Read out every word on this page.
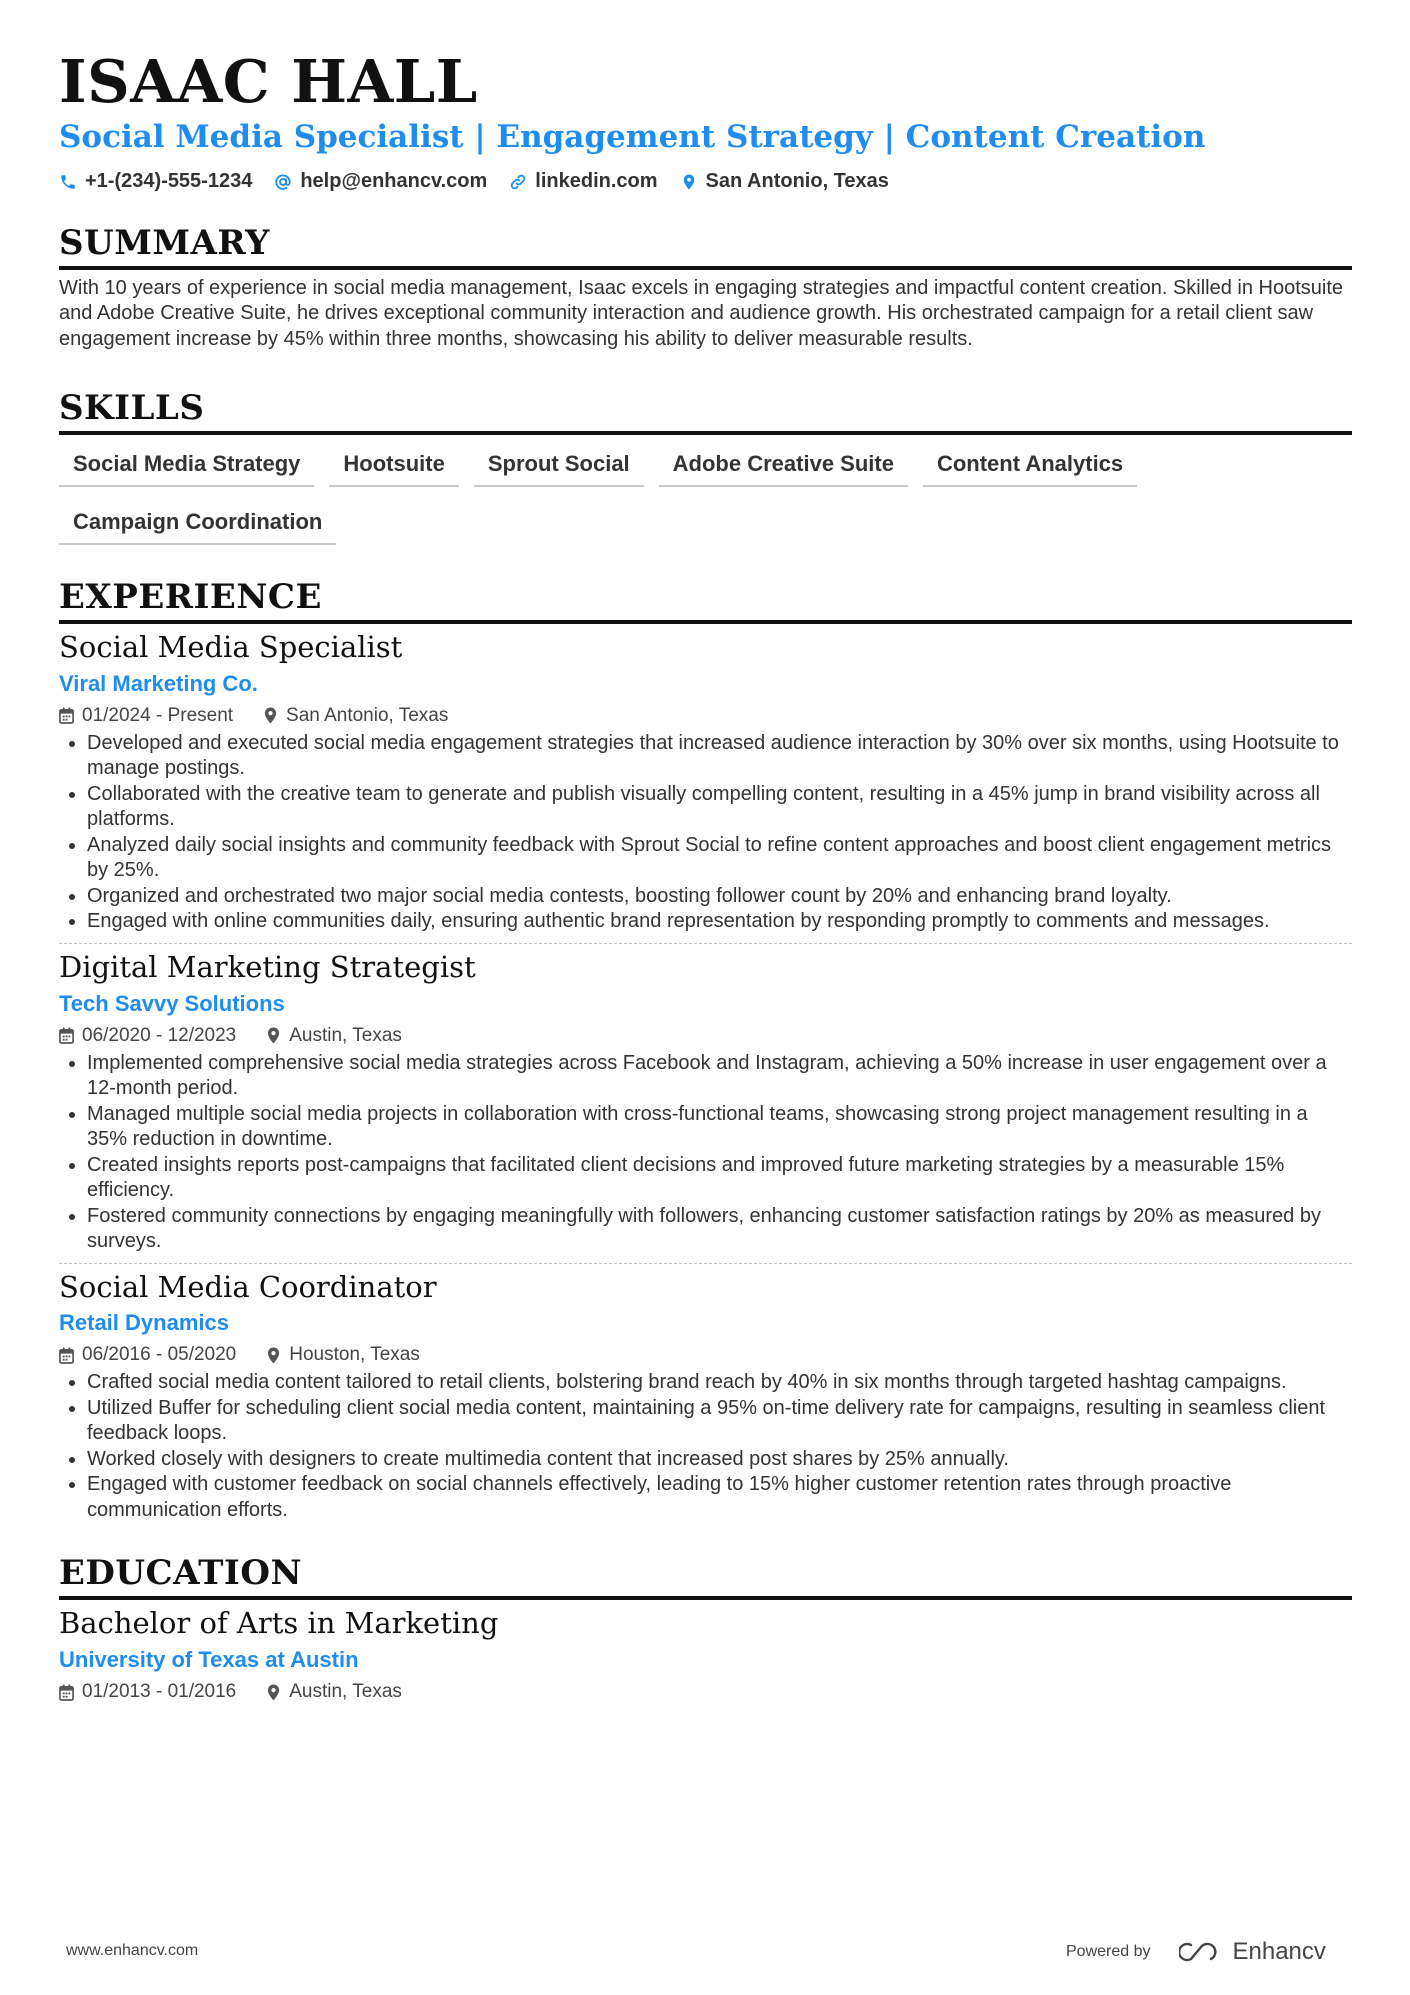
ISAAC HALL
Social Media Specialist | Engagement Strategy | Content Creation
+1-(234)-555-1234 help@enhancv.com linkedin.com San Antonio, Texas
SUMMARY
With 10 years of experience in social media management, Isaac excels in engaging strategies and impactful content creation. Skilled in Hootsuite and Adobe Creative Suite, he drives exceptional community interaction and audience growth. His orchestrated campaign for a retail client saw engagement increase by 45% within three months, showcasing his ability to deliver measurable results.
SKILLS
Social Media Strategy	Hootsuite	Sprout Social	Adobe Creative Suite	Content Analytics
Campaign Coordination
EXPERIENCE
Social Media Specialist
Viral Marketing Co.
01/2024 - Present	San Antonio, Texas
• Developed and executed social media engagement strategies that increased audience interaction by 30% over six months, using Hootsuite to manage postings.
• Collaborated with the creative team to generate and publish visually compelling content, resulting in a 45% jump in brand visibility across all platforms.
• Analyzed daily social insights and community feedback with Sprout Social to refine content approaches and boost client engagement metrics by 25%.
• Organized and orchestrated two major social media contests, boosting follower count by 20% and enhancing brand loyalty.
• Engaged with online communities daily, ensuring authentic brand representation by responding promptly to comments and messages.
Digital Marketing Strategist
Tech Savvy Solutions
06/2020 - 12/2023	Austin, Texas
• Implemented comprehensive social media strategies across Facebook and Instagram, achieving a 50% increase in user engagement over a 12-month period.
• Managed multiple social media projects in collaboration with cross-functional teams, showcasing strong project management resulting in a 35% reduction in downtime.
• Created insights reports post-campaigns that facilitated client decisions and improved future marketing strategies by a measurable 15% efficiency.
• Fostered community connections by engaging meaningfully with followers, enhancing customer satisfaction ratings by 20% as measured by surveys.
Social Media Coordinator
Retail Dynamics
06/2016 - 05/2020	Houston, Texas
• Crafted social media content tailored to retail clients, bolstering brand reach by 40% in six months through targeted hashtag campaigns.
• Utilized Buffer for scheduling client social media content, maintaining a 95% on-time delivery rate for campaigns, resulting in seamless client feedback loops.
• Worked closely with designers to create multimedia content that increased post shares by 25% annually.
• Engaged with customer feedback on social channels effectively, leading to 15% higher customer retention rates through proactive communication efforts.
EDUCATION
Bachelor of Arts in Marketing
University of Texas at Austin
01/2013 - 01/2016	Austin, Texas
www.enhancv.com	Powered by	Enhancv
